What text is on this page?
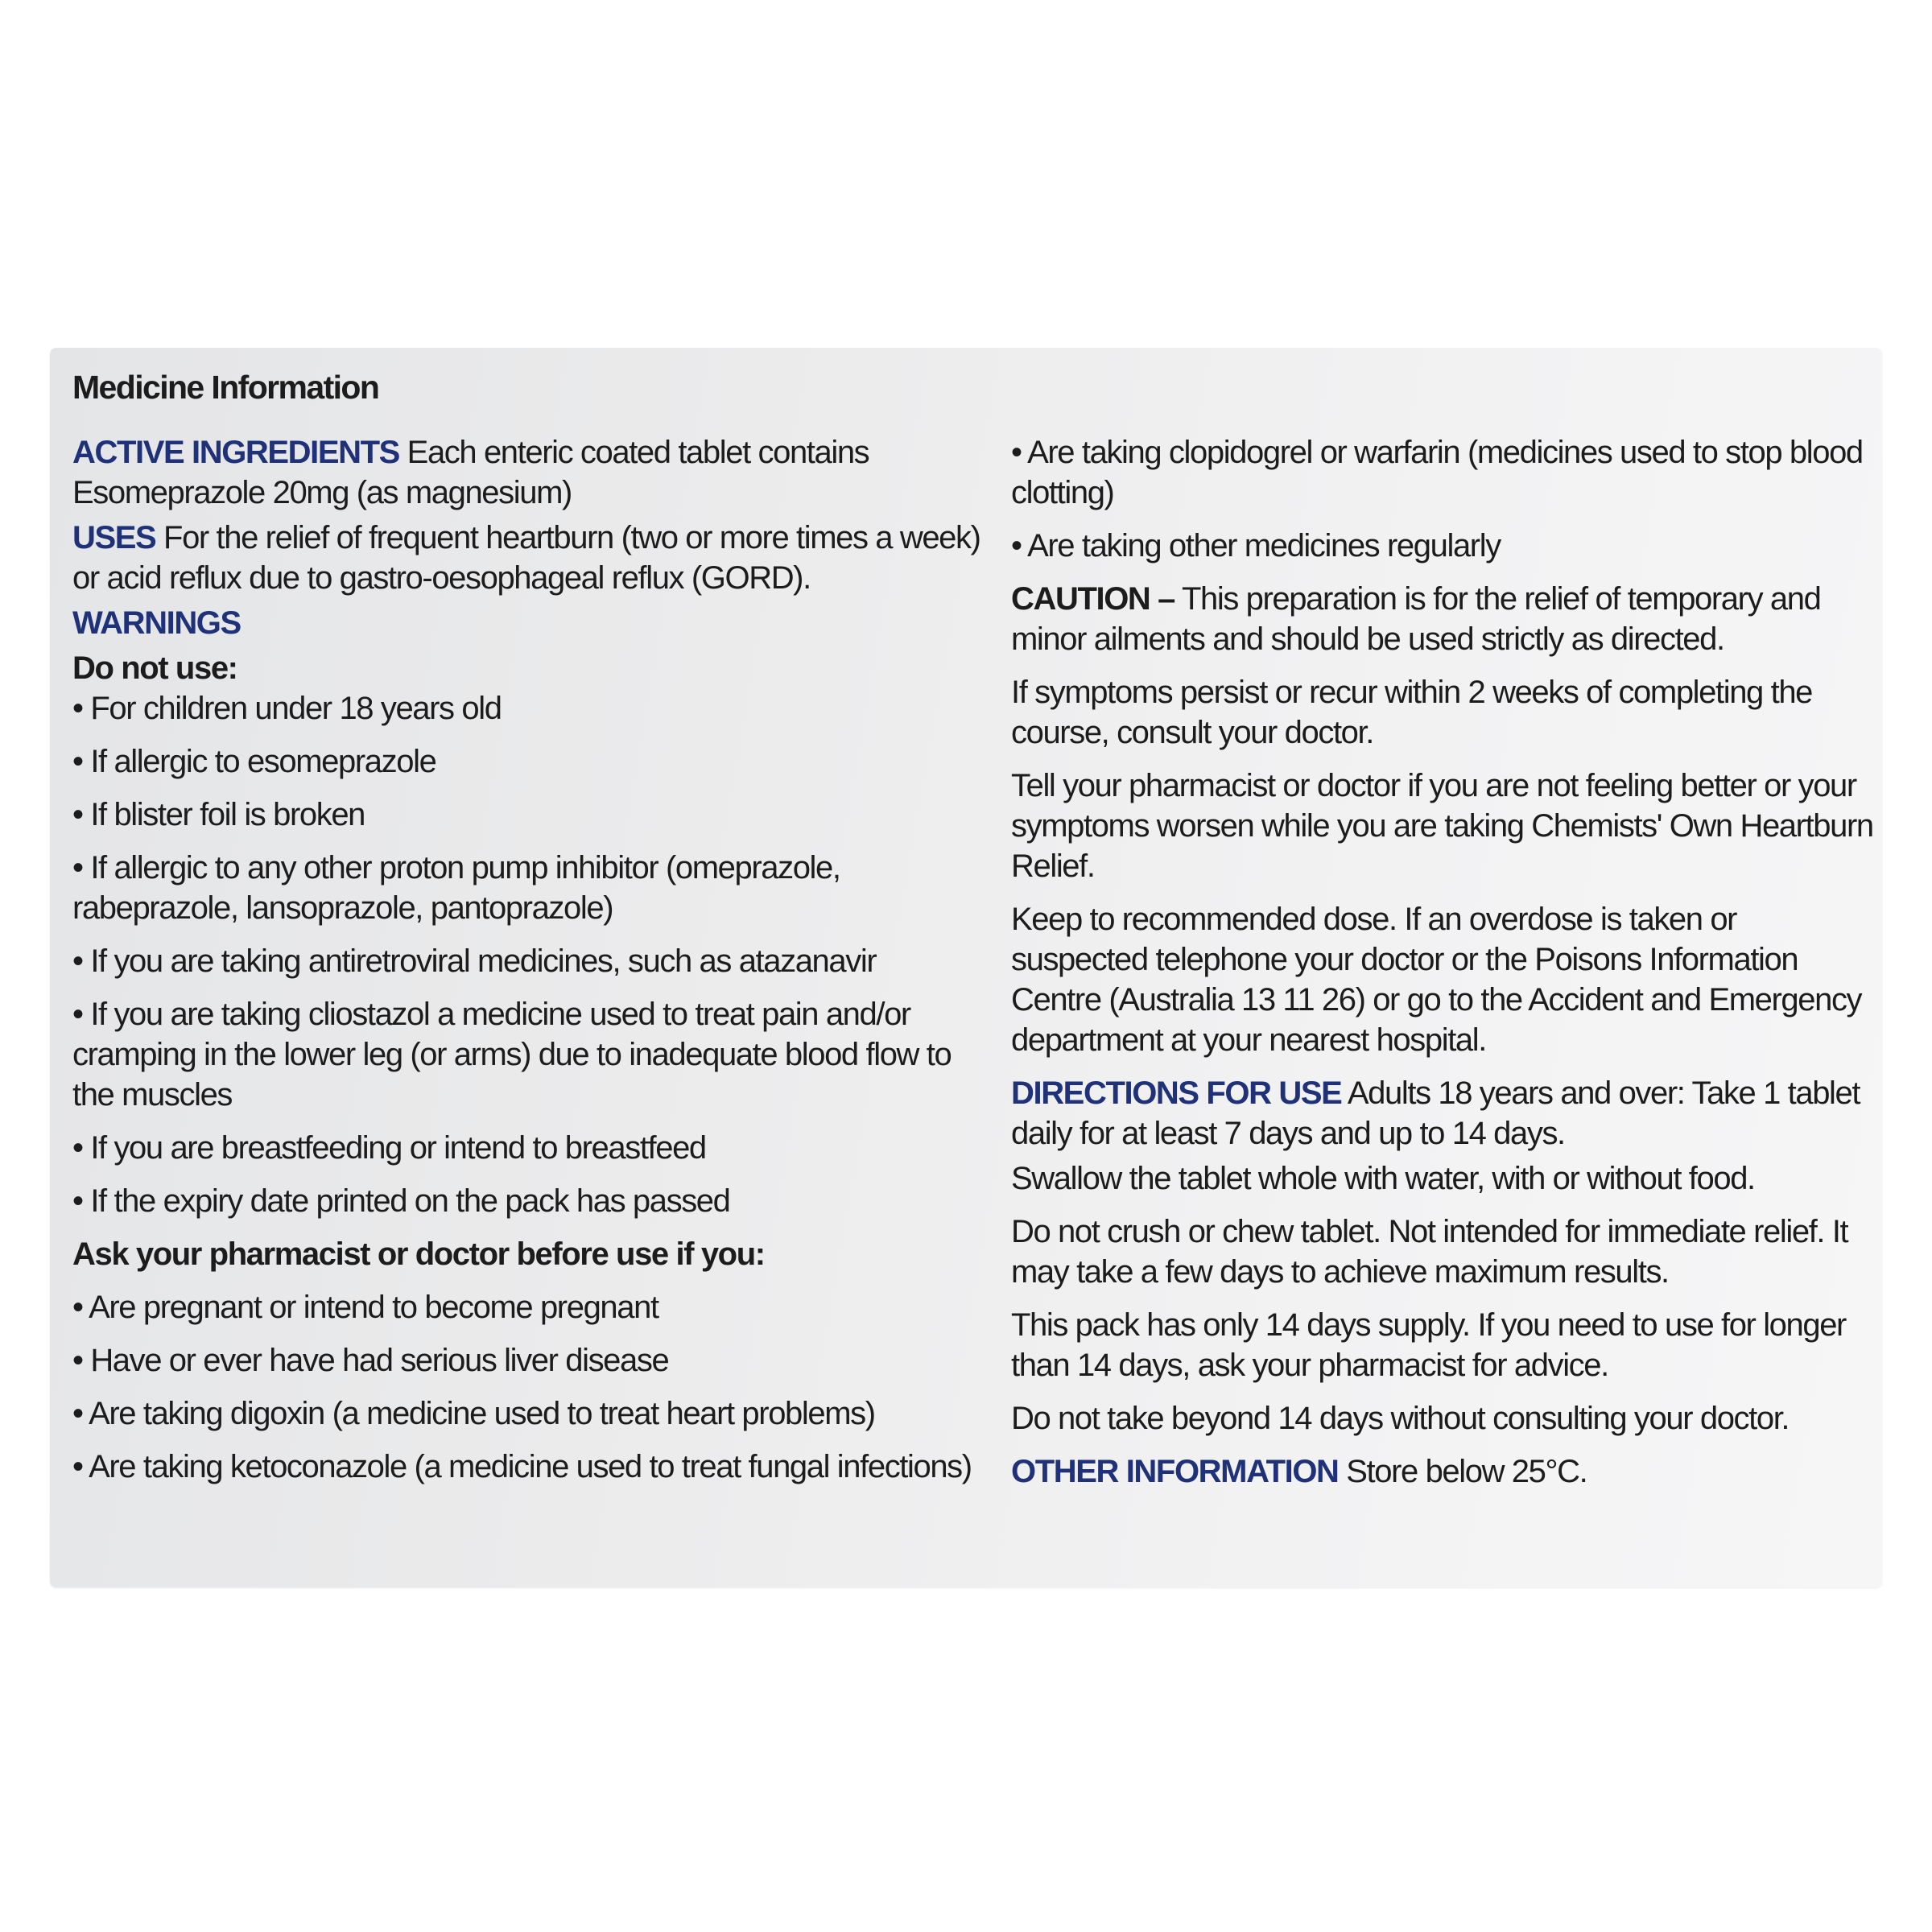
Medicine Information

ACTIVE INGREDIENTS Each enteric coated tablet contains Esomeprazole 20mg (as magnesium)

USES For the relief of frequent heartburn (two or more times a week) or acid reflux due to gastro-oesophageal reflux (GORD).

WARNINGS

Do not use:

• For children under 18 years old

• If allergic to esomeprazole

• If blister foil is broken

• If allergic to any other proton pump inhibitor (omeprazole, rabeprazole, lansoprazole, pantoprazole)

• If you are taking antiretroviral medicines, such as atazanavir

• If you are taking cliostazol a medicine used to treat pain and/or cramping in the lower leg (or arms) due to inadequate blood flow to the muscles

• If you are breastfeeding or intend to breastfeed

• If the expiry date printed on the pack has passed

Ask your pharmacist or doctor before use if you:

• Are pregnant or intend to become pregnant

• Have or ever have had serious liver disease

• Are taking digoxin (a medicine used to treat heart problems)

• Are taking ketoconazole (a medicine used to treat fungal infections)

• Are taking clopidogrel or warfarin (medicines used to stop blood clotting)

• Are taking other medicines regularly

CAUTION – This preparation is for the relief of temporary and minor ailments and should be used strictly as directed.

If symptoms persist or recur within 2 weeks of completing the course, consult your doctor.

Tell your pharmacist or doctor if you are not feeling better or your symptoms worsen while you are taking Chemists' Own Heartburn Relief.

Keep to recommended dose. If an overdose is taken or suspected telephone your doctor or the Poisons Information Centre (Australia 13 11 26) or go to the Accident and Emergency department at your nearest hospital.

DIRECTIONS FOR USE Adults 18 years and over: Take 1 tablet daily for at least 7 days and up to 14 days.

Swallow the tablet whole with water, with or without food.

Do not crush or chew tablet. Not intended for immediate relief. It may take a few days to achieve maximum results.

This pack has only 14 days supply. If you need to use for longer than 14 days, ask your pharmacist for advice.

Do not take beyond 14 days without consulting your doctor.

OTHER INFORMATION Store below 25°C.
